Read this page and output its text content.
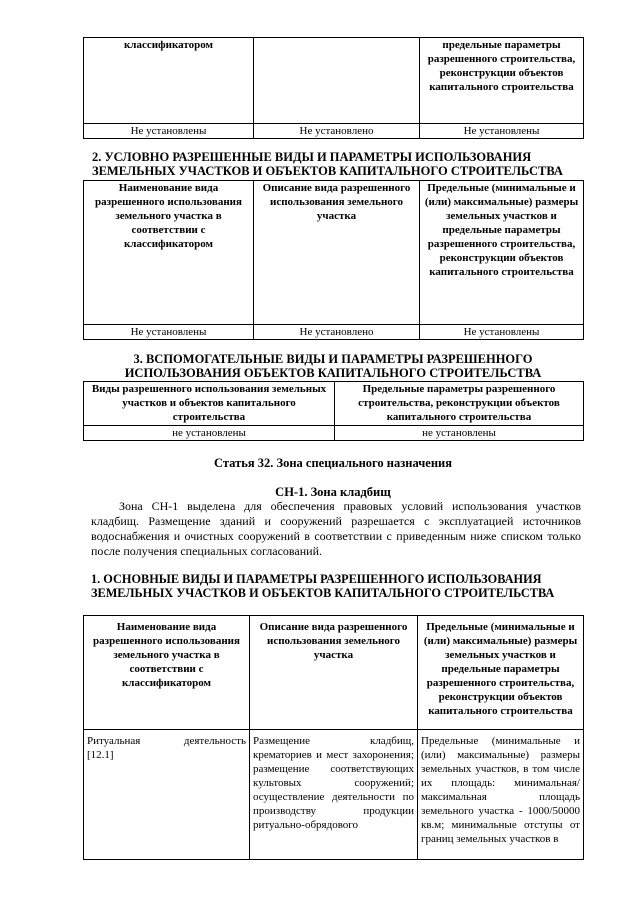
классификатором		предельные параметры разрешенного строительства, реконструкции объектов капитального строительства
Не установлены	Не установлено	Не установлены
2. УСЛОВНО РАЗРЕШЕННЫЕ ВИДЫ И ПАРАМЕТРЫ ИСПОЛЬЗОВАНИЯ ЗЕМЕЛЬНЫХ УЧАСТКОВ И ОБЪЕКТОВ КАПИТАЛЬНОГО СТРОИТЕЛЬСТВА
Наименование вида разрешенного использования земельного участка в соответствии с классификатором	Описание вида разрешенного использования земельного участка	Предельные (минимальные и (или) максимальные) размеры земельных участков и предельные параметры разрешенного строительства, реконструкции объектов капитального строительства
Не установлены	Не установлено	Не установлены
3. ВСПОМОГАТЕЛЬНЫЕ ВИДЫ И ПАРАМЕТРЫ РАЗРЕШЕННОГО
ИСПОЛЬЗОВАНИЯ ОБЪЕКТОВ КАПИТАЛЬНОГО СТРОИТЕЛЬСТВА
Виды разрешенного использования земельных участков и объектов капитального строительства	Предельные параметры разрешенного строительства, реконструкции объектов капитального строительства
не установлены	не установлены
Статья 32. Зона специального назначения
СН-1. Зона кладбищ
Зона СН-1 выделена для обеспечения правовых условий использования участков кладбищ. Размещение зданий и сооружений разрешается с эксплуатацией источников водоснабжения и очистных сооружений в соответствии с приведенным ниже списком только после получения специальных согласований.
1. ОСНОВНЫЕ ВИДЫ И ПАРАМЕТРЫ РАЗРЕШЕННОГО ИСПОЛЬЗОВАНИЯ
ЗЕМЕЛЬНЫХ УЧАСТКОВ И ОБЪЕКТОВ КАПИТАЛЬНОГО СТРОИТЕЛЬСТВА
Наименование вида разрешенного использования земельного участка в соответствии с классификатором	Описание вида разрешенного использования земельного участка	Предельные (минимальные и (или) максимальные) размеры земельных участков и предельные параметры разрешенного строительства, реконструкции объектов капитального строительства

Ритуальная деятельность
[12.1]	Размещение кладбищ, крематориев и мест захоронения; размещение соответствующих культовых сооружений; осуществление деятельности по производству продукции ритуально-обрядового	Предельные (минимальные и (или) максимальные) размеры земельных участков, в том числе их площадь: минимальная/максимальная площадь земельного участка - 1000/50000 кв.м; минимальные отступы от границ земельных участков в
